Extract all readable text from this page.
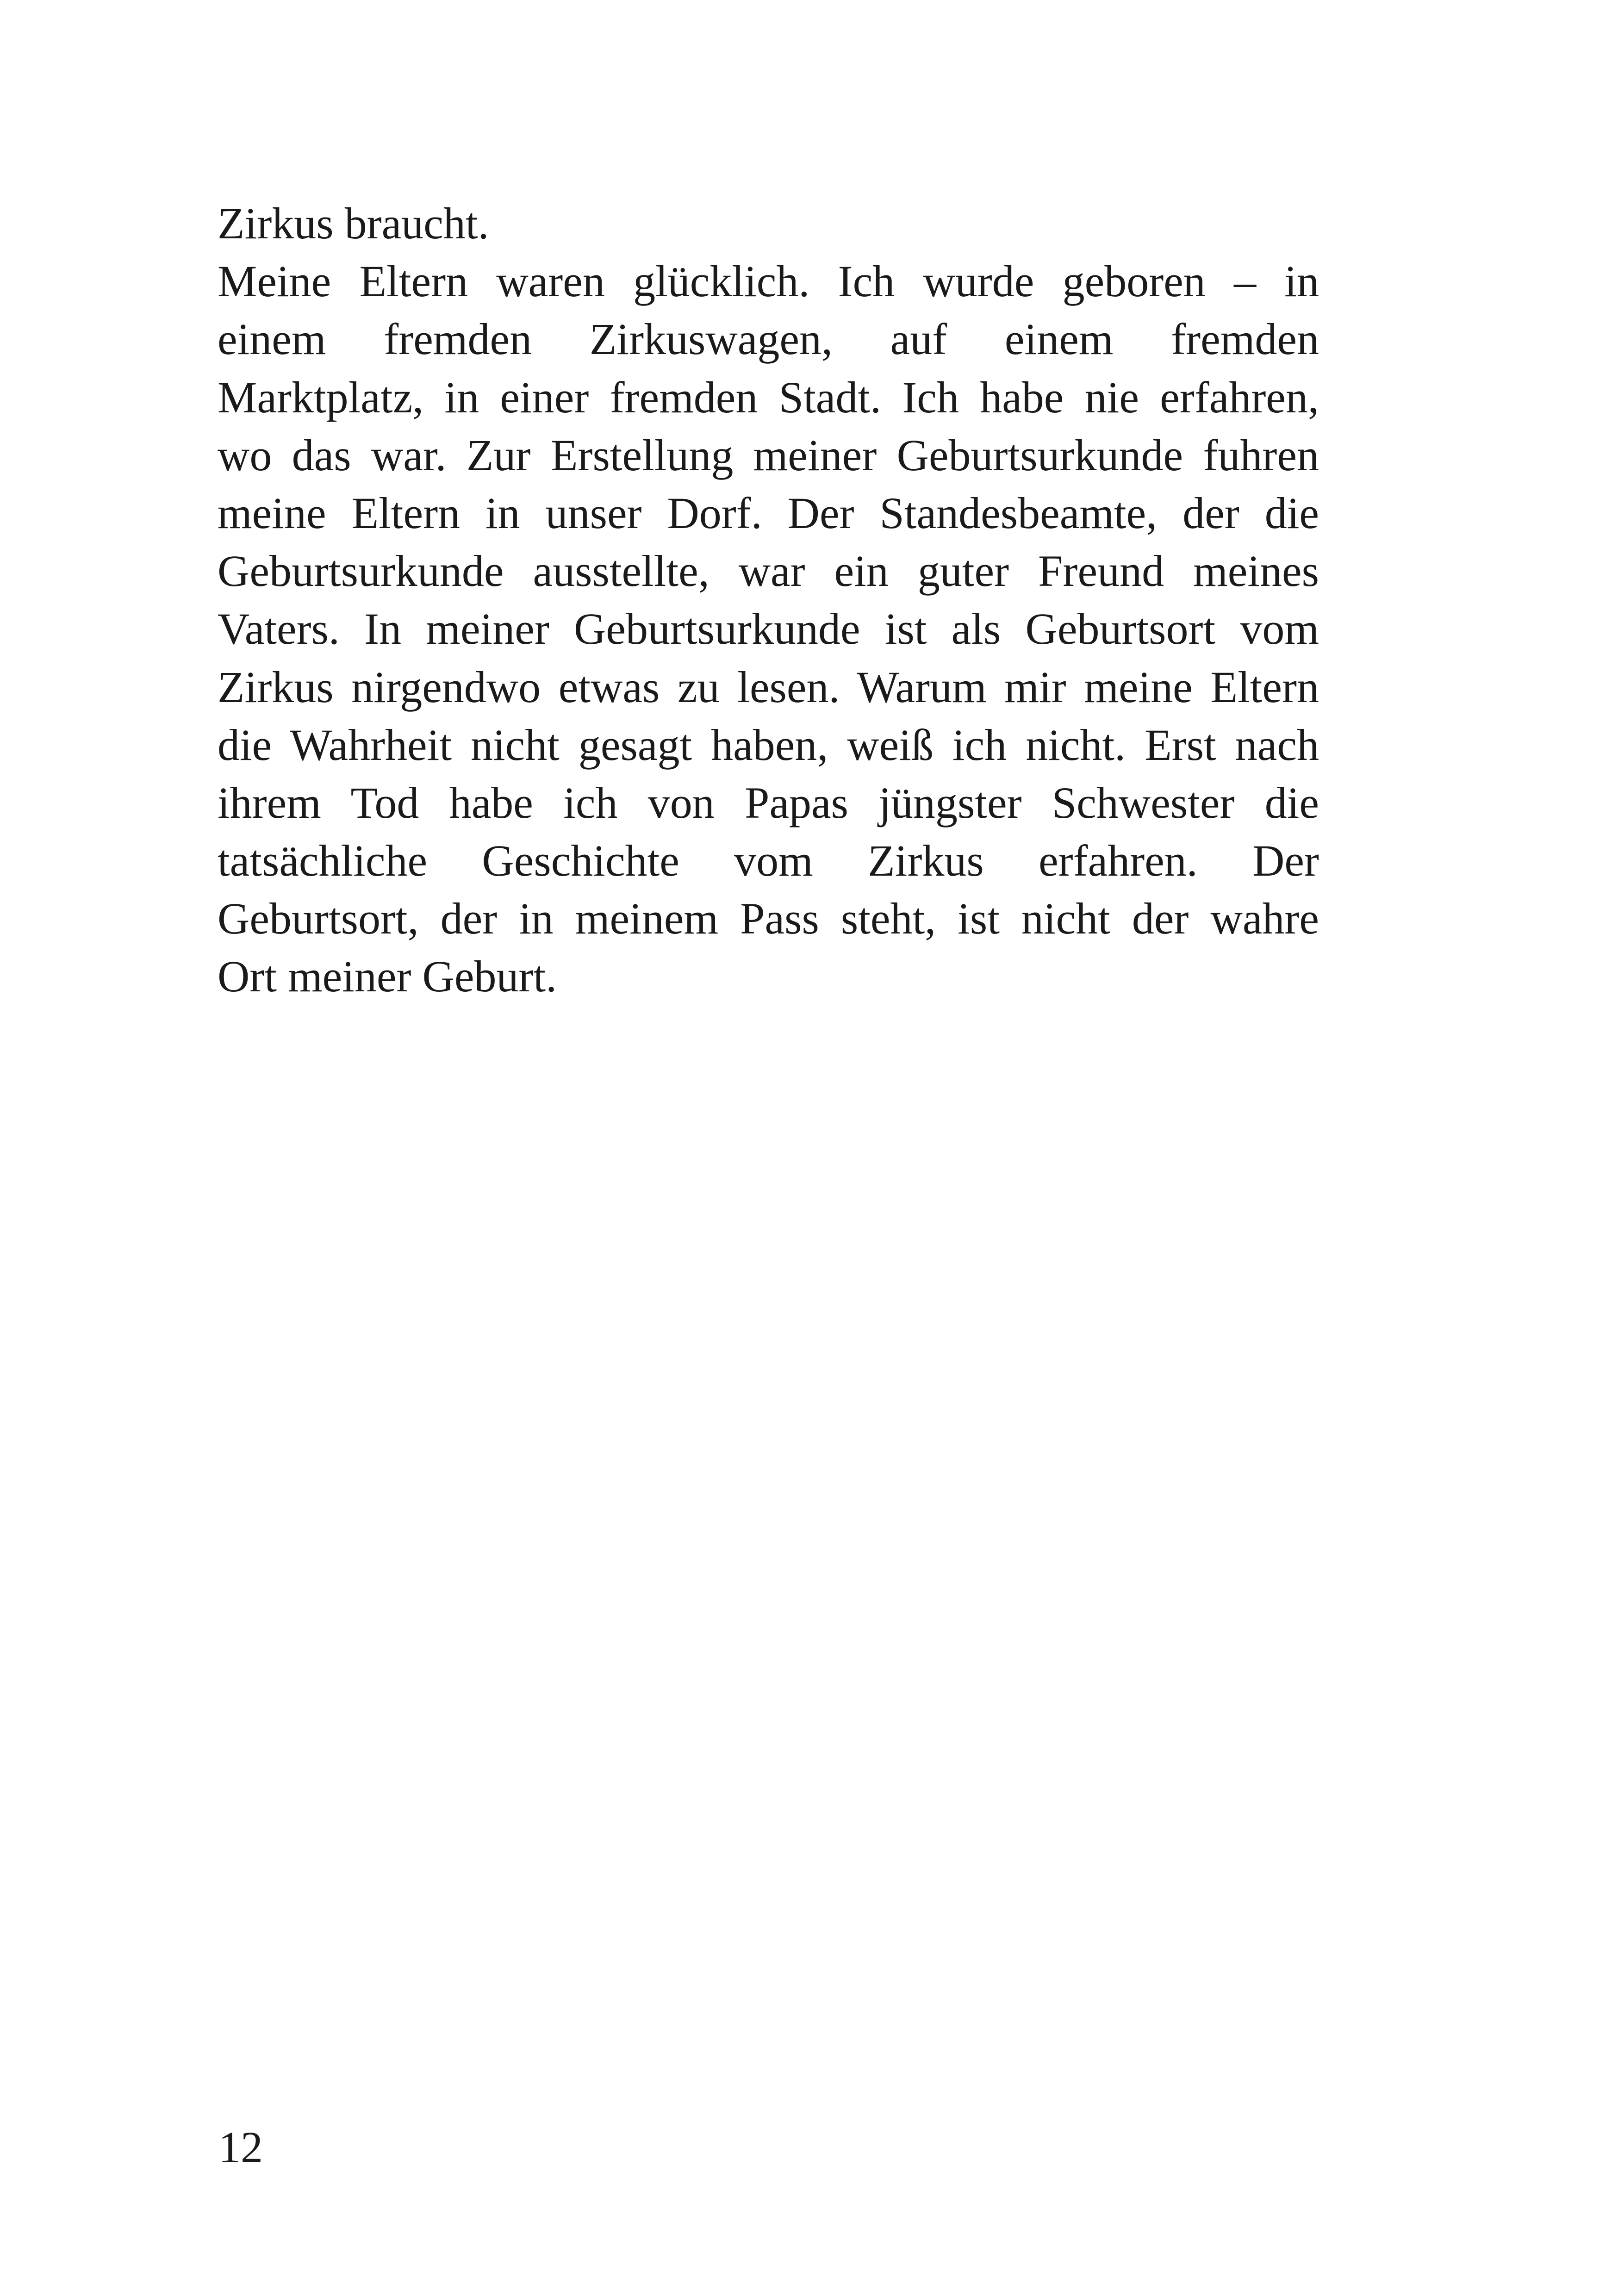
Zirkus braucht.
Meine Eltern waren glücklich. Ich wurde geboren – in
einem fremden Zirkuswagen, auf einem fremden
Marktplatz, in einer fremden Stadt. Ich habe nie erfahren,
wo das war. Zur Erstellung meiner Geburtsurkunde fuhren
meine Eltern in unser Dorf. Der Standesbeamte, der die
Geburtsurkunde ausstellte, war ein guter Freund meines
Vaters. In meiner Geburtsurkunde ist als Geburtsort vom
Zirkus nirgendwo etwas zu lesen. Warum mir meine Eltern
die Wahrheit nicht gesagt haben, weiß ich nicht. Erst nach
ihrem Tod habe ich von Papas jüngster Schwester die
tatsächliche Geschichte vom Zirkus erfahren. Der
Geburtsort, der in meinem Pass steht, ist nicht der wahre
Ort meiner Geburt.
12
